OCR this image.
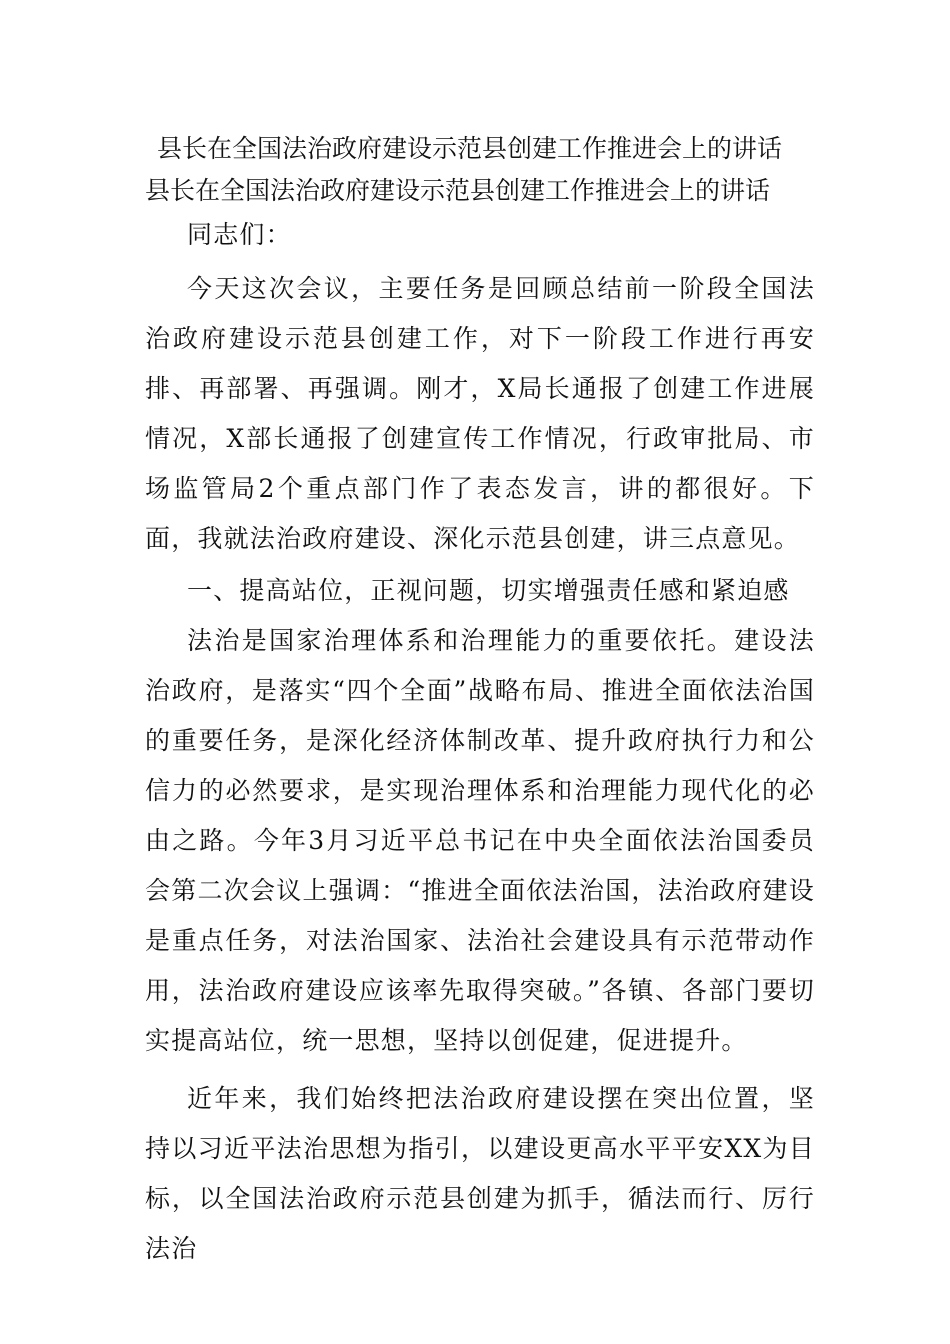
县长在全国法治政府建设示范县创建工作推进会上的讲话

县长在全国法治政府建设示范县创建工作推进会上的讲话

同志们：

今天这次会议，主要任务是回顾总结前一阶段全国法治政府建设示范县创建工作，对下一阶段工作进行再安排、再部署、再强调。刚才，X局长通报了创建工作进展情况，X部长通报了创建宣传工作情况，行政审批局、市场监管局2个重点部门作了表态发言，讲的都很好。下面，我就法治政府建设、深化示范县创建，讲三点意见。

一、提高站位，正视问题，切实增强责任感和紧迫感

法治是国家治理体系和治理能力的重要依托。建设法治政府，是落实“四个全面”战略布局、推进全面依法治国的重要任务，是深化经济体制改革、提升政府执行力和公信力的必然要求，是实现治理体系和治理能力现代化的必由之路。今年3月习近平总书记在中央全面依法治国委员会第二次会议上强调：“推进全面依法治国，法治政府建设是重点任务，对法治国家、法治社会建设具有示范带动作用，法治政府建设应该率先取得突破。”各镇、各部门要切实提高站位，统一思想，坚持以创促建，促进提升。

近年来，我们始终把法治政府建设摆在突出位置，坚持以习近平法治思想为指引，以建设更高水平平安XX为目标，以全国法治政府示范县创建为抓手，循法而行、厉行法治
